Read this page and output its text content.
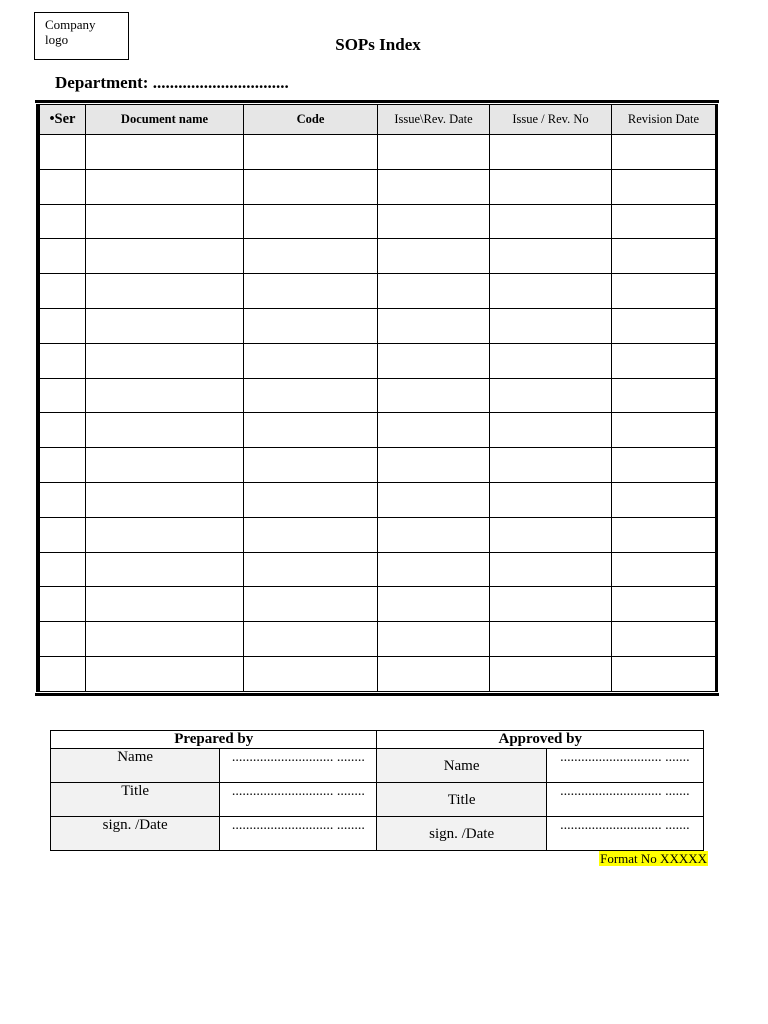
Company logo	SOPs Index
Department: ................................
•Ser	Document name	Code	Issue\Rev. Date	Issue / Rev. No	Revision Date

Prepared by		Approved by	
Name	............................. ........	Name	............................. .......
Title	............................. ........	Title	............................. .......
sign. /Date	............................. ........	sign. /Date	............................. .......
Format No XXXXX
